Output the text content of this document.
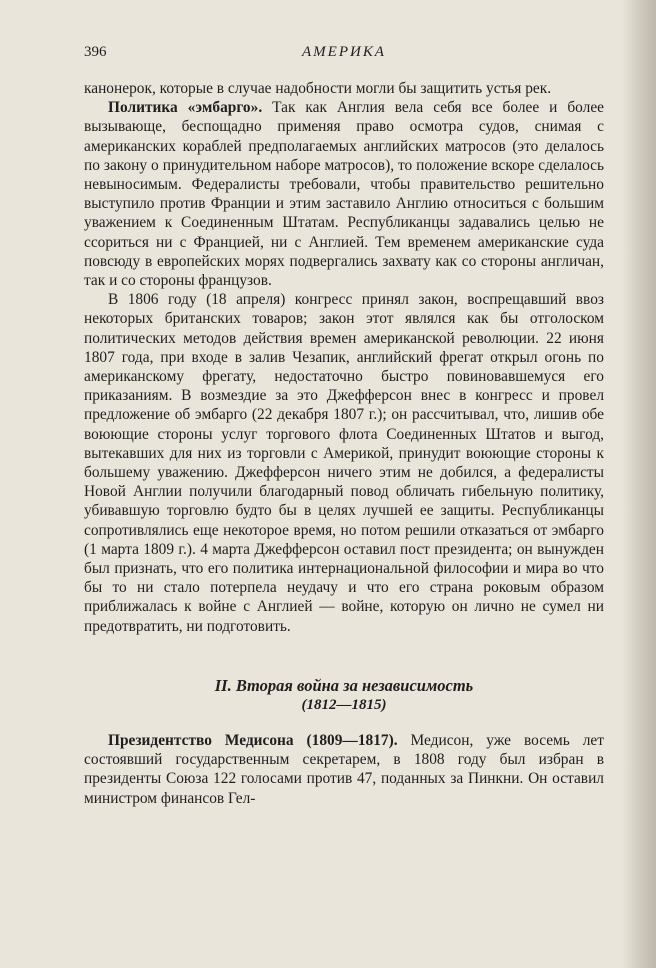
396	АМЕРИКА

канонерок, которые в случае надобности могли бы защитить устья рек.

Политика «эмбарго». Так как Англия вела себя все более и более вызывающе, беспощадно применяя право осмотра судов, снимая с американских кораблей предполагаемых английских матросов (это делалось по закону о принудительном наборе матросов), то положение вскоре сделалось невыносимым. Федералисты требовали, чтобы правительство решительно выступило против Франции и этим заставило Англию относиться с большим уважением к Соединенным Штатам. Республиканцы задавались целью не ссориться ни с Францией, ни с Англией. Тем временем американские суда повсюду в европейских морях подвергались захвату как со стороны англичан, так и со стороны французов.

В 1806 году (18 апреля) конгресс принял закон, воспрещавший ввоз некоторых британских товаров; закон этот являлся как бы отголоском политических методов действия времен американской революции. 22 июня 1807 года, при входе в залив Чезапик, английский фрегат открыл огонь по американскому фрегату, недостаточно быстро повиновавшемуся его приказаниям. В возмездие за это Джефферсон внес в конгресс и провел предложение об эмбарго (22 декабря 1807 г.); он рассчитывал, что, лишив обе воюющие стороны услуг торгового флота Соединенных Штатов и выгод, вытекавших для них из торговли с Америкой, принудит воюющие стороны к большему уважению. Джефферсон ничего этим не добился, а федералисты Новой Англии получили благодарный повод обличать гибельную политику, убивавшую торговлю будто бы в целях лучшей ее защиты. Республиканцы сопротивлялись еще некоторое время, но потом решили отказаться от эмбарго (1 марта 1809 г.). 4 марта Джефферсон оставил пост президента; он вынужден был признать, что его политика интернациональной философии и мира во что бы то ни стало потерпела неудачу и что его страна роковым образом приближалась к войне с Англией — войне, которую он лично не сумел ни предотвратить, ни подготовить.

II. Вторая война за независимость
(1812—1815)

Президентство Медисона (1809—1817). Медисон, уже восемь лет состоявший государственным секретарем, в 1808 году был избран в президенты Союза 122 голосами против 47, поданных за Пинкни. Он оставил министром финансов Гел-
